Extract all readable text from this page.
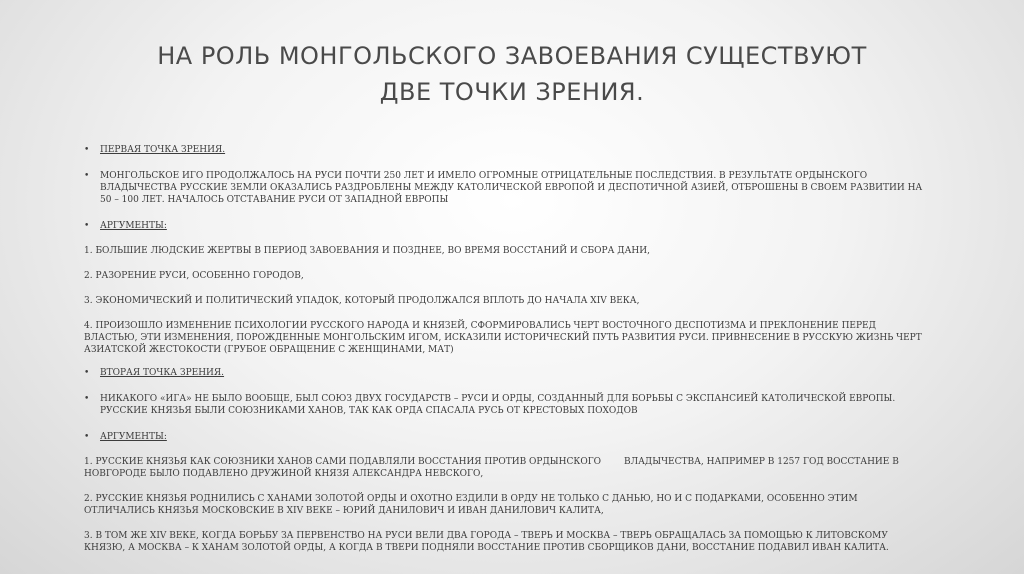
НА РОЛЬ МОНГОЛЬСКОГО ЗАВОЕВАНИЯ СУЩЕСТВУЮТ
ДВЕ ТОЧКИ ЗРЕНИЯ.
• ПЕРВАЯ ТОЧКА ЗРЕНИЯ.
• МОНГОЛЬСКОЕ ИГО ПРОДОЛЖАЛОСЬ НА РУСИ ПОЧТИ 250 ЛЕТ И ИМЕЛО ОГРОМНЫЕ ОТРИЦАТЕЛЬНЫЕ ПОСЛЕДСТВИЯ. В РЕЗУЛЬТАТЕ ОРДЫНСКОГО
ВЛАДЫЧЕСТВА РУССКИЕ ЗЕМЛИ ОКАЗАЛИСЬ РАЗДРОБЛЕНЫ МЕЖДУ КАТОЛИЧЕСКОЙ ЕВРОПОЙ И ДЕСПОТИЧНОЙ АЗИЕЙ, ОТБРОШЕНЫ В СВОЕМ РАЗВИТИИ НА
50 – 100 ЛЕТ. НАЧАЛОСЬ ОТСТАВАНИЕ РУСИ ОТ ЗАПАДНОЙ ЕВРОПЫ
• АРГУМЕНТЫ:
1. БОЛЬШИЕ ЛЮДСКИЕ ЖЕРТВЫ В ПЕРИОД ЗАВОЕВАНИЯ И ПОЗДНЕЕ, ВО ВРЕМЯ ВОССТАНИЙ И СБОРА ДАНИ,
2. РАЗОРЕНИЕ РУСИ, ОСОБЕННО ГОРОДОВ,
3. ЭКОНОМИЧЕСКИЙ И ПОЛИТИЧЕСКИЙ УПАДОК, КОТОРЫЙ ПРОДОЛЖАЛСЯ ВПЛОТЬ ДО НАЧАЛА XIV ВЕКА,
4. ПРОИЗОШЛО ИЗМЕНЕНИЕ ПСИХОЛОГИИ РУССКОГО НАРОДА И КНЯЗЕЙ, СФОРМИРОВАЛИСЬ ЧЕРТ ВОСТОЧНОГО ДЕСПОТИЗМА И ПРЕКЛОНЕНИЕ ПЕРЕД
ВЛАСТЬЮ, ЭТИ ИЗМЕНЕНИЯ, ПОРОЖДЕННЫЕ МОНГОЛЬСКИМ ИГОМ, ИСКАЗИЛИ ИСТОРИЧЕСКИЙ ПУТЬ РАЗВИТИЯ РУСИ. ПРИВНЕСЕНИЕ В РУССКУЮ ЖИЗНЬ ЧЕРТ
АЗИАТСКОЙ ЖЕСТОКОСТИ (ГРУБОЕ ОБРАЩЕНИЕ С ЖЕНЩИНАМИ, МАТ)
• ВТОРАЯ ТОЧКА ЗРЕНИЯ.
• НИКАКОГО «ИГА» НЕ БЫЛО ВООБЩЕ, БЫЛ СОЮЗ ДВУХ ГОСУДАРСТВ – РУСИ И ОРДЫ, СОЗДАННЫЙ ДЛЯ БОРЬБЫ С ЭКСПАНСИЕЙ КАТОЛИЧЕСКОЙ ЕВРОПЫ.
РУССКИЕ КНЯЗЬЯ БЫЛИ СОЮЗНИКАМИ ХАНОВ, ТАК КАК ОРДА СПАСАЛА РУСЬ ОТ КРЕСТОВЫХ ПОХОДОВ
• АРГУМЕНТЫ:
1. РУССКИЕ КНЯЗЬЯ КАК СОЮЗНИКИ ХАНОВ САМИ ПОДАВЛЯЛИ ВОССТАНИЯ ПРОТИВ ОРДЫНСКОГО        ВЛАДЫЧЕСТВА, НАПРИМЕР В 1257 ГОД ВОССТАНИЕ В
НОВГОРОДЕ БЫЛО ПОДАВЛЕНО ДРУЖИНОЙ КНЯЗЯ АЛЕКСАНДРА НЕВСКОГО,
2. РУССКИЕ КНЯЗЬЯ РОДНИЛИСЬ С ХАНАМИ ЗОЛОТОЙ ОРДЫ И ОХОТНО ЕЗДИЛИ В ОРДУ НЕ ТОЛЬКО С ДАНЬЮ, НО И С ПОДАРКАМИ, ОСОБЕННО ЭТИМ
ОТЛИЧАЛИСЬ КНЯЗЬЯ МОСКОВСКИЕ В XIV ВЕКЕ – ЮРИЙ ДАНИЛОВИЧ И ИВАН ДАНИЛОВИЧ КАЛИТА,
3. В ТОМ ЖЕ XIV ВЕКЕ, КОГДА БОРЬБУ ЗА ПЕРВЕНСТВО НА РУСИ ВЕЛИ ДВА ГОРОДА – ТВЕРЬ И МОСКВА – ТВЕРЬ ОБРАЩАЛАСЬ ЗА ПОМОЩЬЮ К ЛИТОВСКОМУ
КНЯЗЮ, А МОСКВА – К ХАНАМ ЗОЛОТОЙ ОРДЫ, А КОГДА В ТВЕРИ ПОДНЯЛИ ВОССТАНИЕ ПРОТИВ СБОРЩИКОВ ДАНИ, ВОССТАНИЕ ПОДАВИЛ ИВАН КАЛИТА.
